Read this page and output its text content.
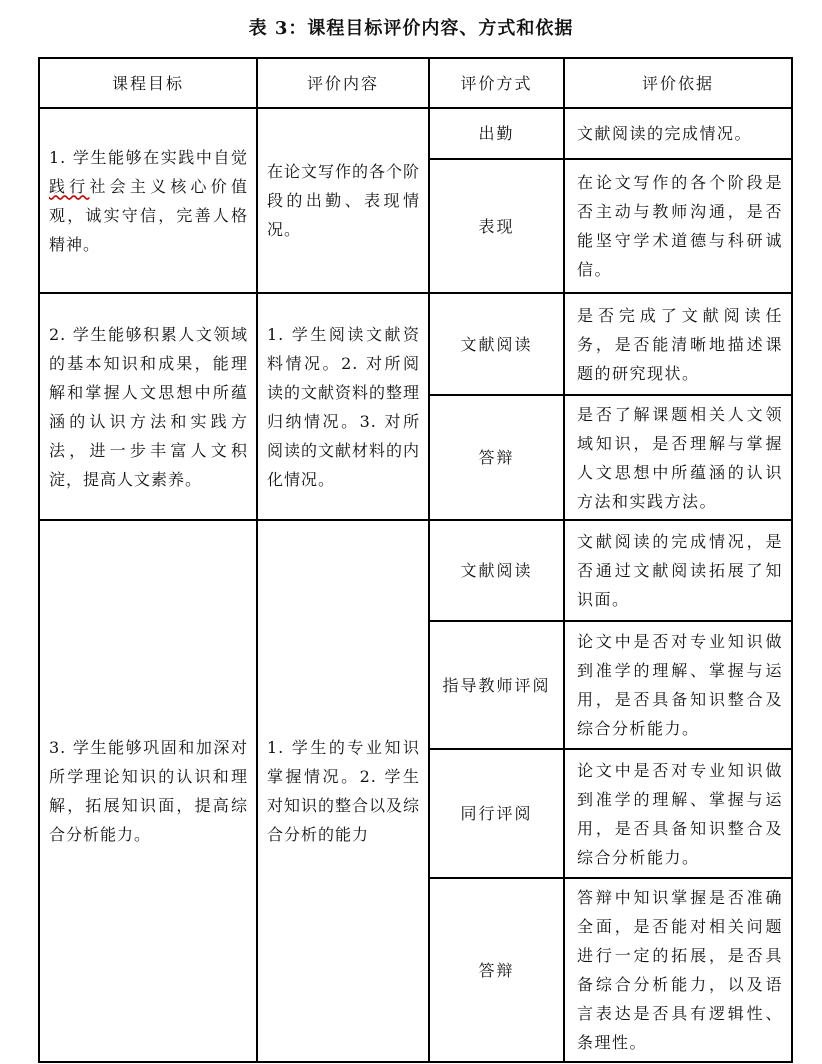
表 3：课程目标评价内容、方式和依据
课程目标	评价内容	评价方式	评价依据
1. 学生能够在实践中自觉践行社会主义核心价值观，诚实守信，完善人格精神。	在论文写作的各个阶段的出勤、表现情况。	出勤	文献阅读的完成情况。
		表现	在论文写作的各个阶段是否主动与教师沟通，是否能坚守学术道德与科研诚信。
2. 学生能够积累人文领域的基本知识和成果，能理解和掌握人文思想中所蕴涵的认识方法和实践方法，进一步丰富人文积淀，提高人文素养。	1. 学生阅读文献资料情况。2. 对所阅读的文献资料的整理归纳情况。3. 对所阅读的文献材料的内化情况。	文献阅读	是否完成了文献阅读任务，是否能清晰地描述课题的研究现状。
		答辩	是否了解课题相关人文领域知识，是否理解与掌握人文思想中所蕴涵的认识方法和实践方法。
3. 学生能够巩固和加深对所学理论知识的认识和理解，拓展知识面，提高综合分析能力。	1. 学生的专业知识掌握情况。2. 学生对知识的整合以及综合分析的能力	文献阅读	文献阅读的完成情况，是否通过文献阅读拓展了知识面。
		指导教师评阅	论文中是否对专业知识做到准学的理解、掌握与运用，是否具备知识整合及综合分析能力。
		同行评阅	论文中是否对专业知识做到准学的理解、掌握与运用，是否具备知识整合及综合分析能力。
		答辩	答辩中知识掌握是否准确全面，是否能对相关问题进行一定的拓展，是否具备综合分析能力，以及语言表达是否具有逻辑性、条理性。
